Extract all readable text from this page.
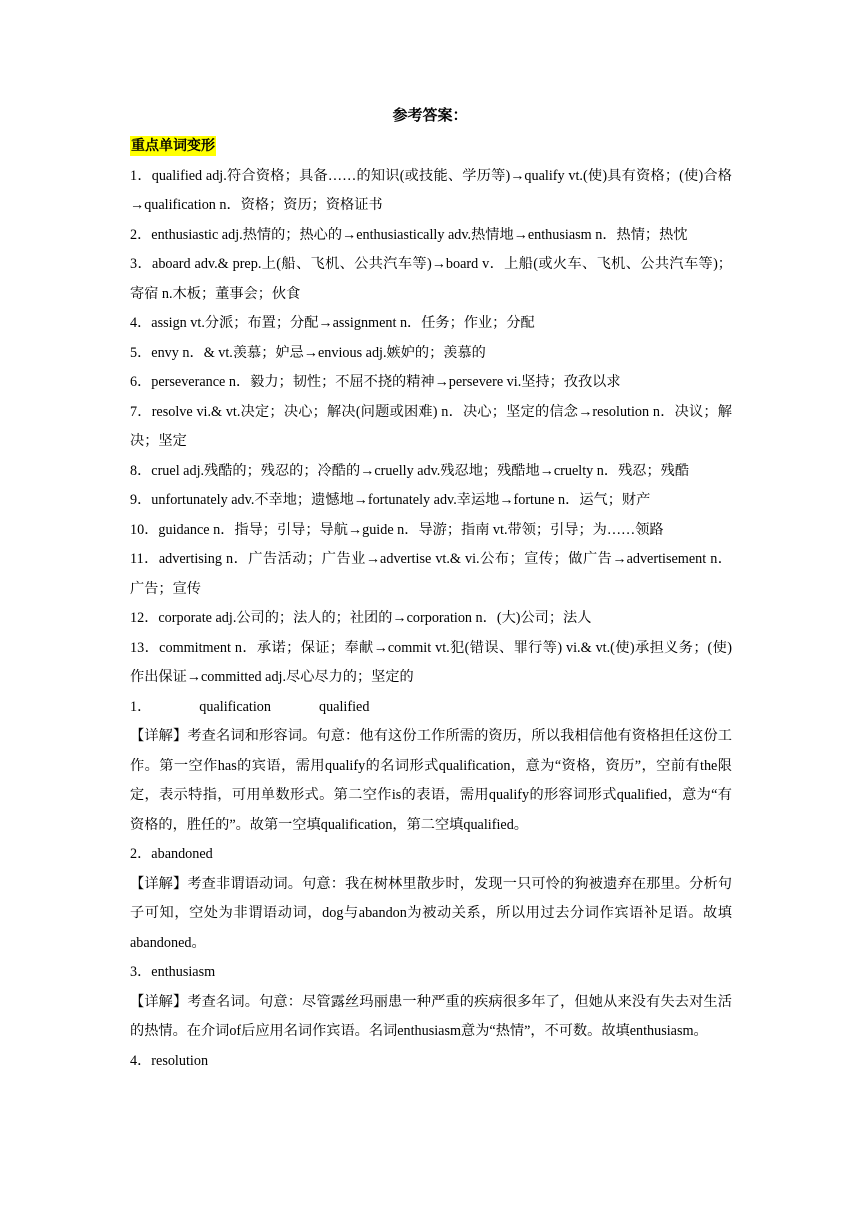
参考答案：

重点单词变形

1．qualified adj.符合资格；具备……的知识(或技能、学历等)→qualify vt.(使)具有资格；(使)合格→qualification n．资格；资历；资格证书

2．enthusiastic adj.热情的；热心的→enthusiastically adv.热情地→enthusiasm n．热情；热忱

3．aboard adv.& prep.上(船、飞机、公共汽车等)→board v．上船(或火车、飞机、公共汽车等)；寄宿 n.木板；董事会；伙食

4．assign vt.分派；布置；分配→assignment n．任务；作业；分配

5．envy n．& vt.羡慕；妒忌→envious adj.嫉妒的；羡慕的

6．perseverance n．毅力；韧性；不屈不挠的精神→persevere vi.坚持；孜孜以求

7．resolve vi.& vt.决定；决心；解决(问题或困难) n．决心；坚定的信念→resolution n．决议；解决；坚定

8．cruel adj.残酷的；残忍的；冷酷的→cruelly adv.残忍地；残酷地→cruelty n．残忍；残酷

9．unfortunately adv.不幸地；遗憾地→fortunately adv.幸运地→fortune n．运气；财产

10．guidance n．指导；引导；导航→guide n．导游；指南 vt.带领；引导；为……领路

11．advertising n．广告活动；广告业→advertise vt.& vi.公布；宣传；做广告→advertisement n．广告；宣传

12．corporate adj.公司的；法人的；社团的→corporation n．(大)公司；法人

13．commitment n．承诺；保证；奉献→commit vt.犯(错误、罪行等) vi.& vt.(使)承担义务；(使)作出保证→committed adj.尽心尽力的；坚定的

1．	qualification	qualified

【详解】考查名词和形容词。句意：他有这份工作所需的资历，所以我相信他有资格担任这份工作。第一空作has的宾语，需用qualify的名词形式qualification，意为“资格，资历”，空前有the限定，表示特指，可用单数形式。第二空作is的表语，需用qualify的形容词形式qualified，意为“有资格的，胜任的”。故第一空填qualification，第二空填qualified。

2．abandoned

【详解】考查非谓语动词。句意：我在树林里散步时，发现一只可怜的狗被遗弃在那里。分析句子可知，空处为非谓语动词，dog与abandon为被动关系，所以用过去分词作宾语补足语。故填abandoned。

3．enthusiasm

【详解】考查名词。句意：尽管露丝玛丽患一种严重的疾病很多年了，但她从来没有失去对生活的热情。在介词of后应用名词作宾语。名词enthusiasm意为“热情”，不可数。故填enthusiasm。

4．resolution
